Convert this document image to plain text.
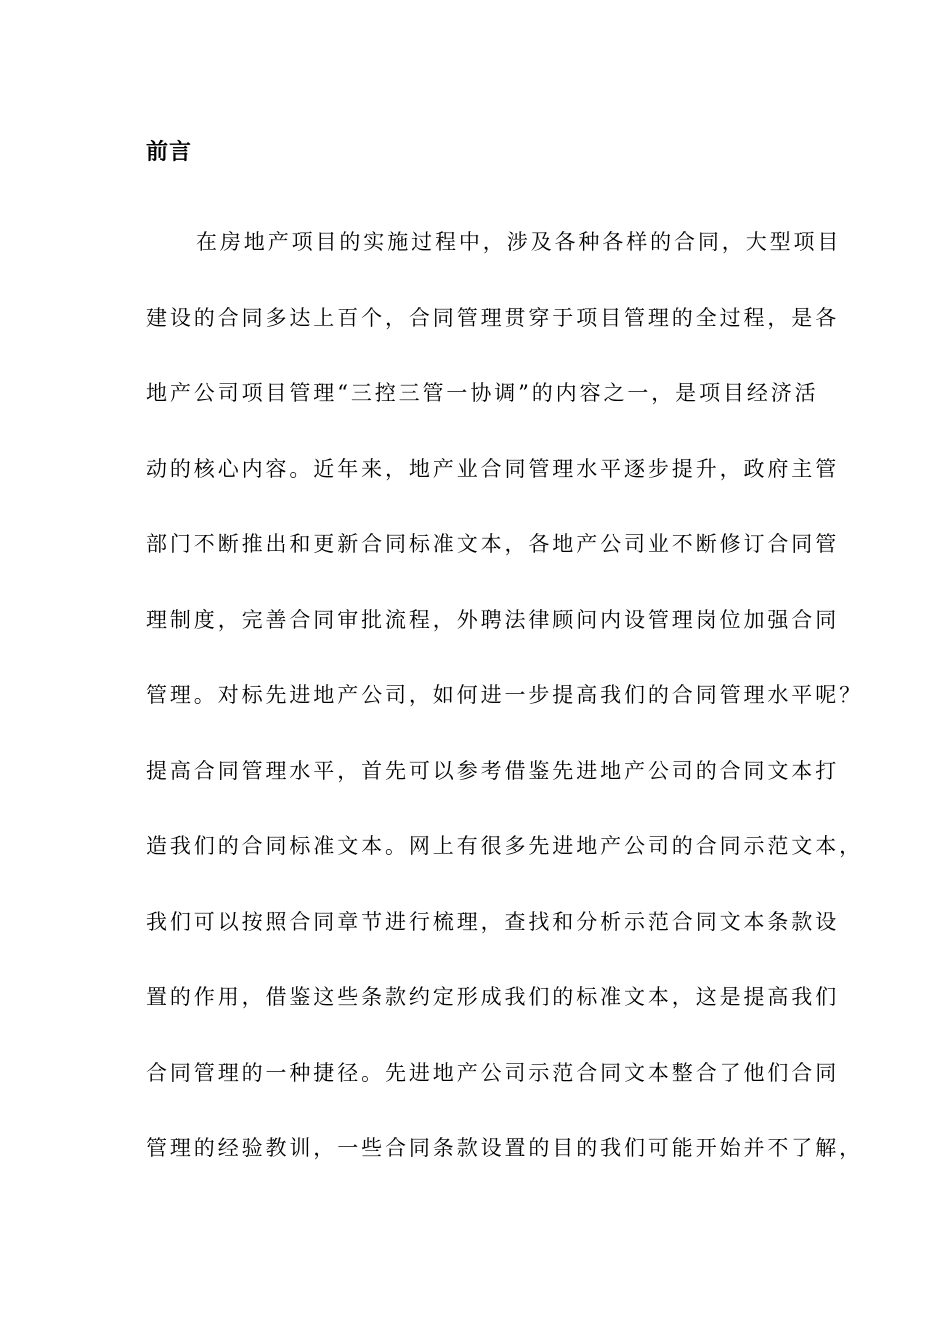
前言
在房地产项目的实施过程中，涉及各种各样的合同，大型项目
建设的合同多达上百个，合同管理贯穿于项目管理的全过程，是各
地产公司项目管理“三控三管一协调”的内容之一，是项目经济活
动的核心内容。近年来，地产业合同管理水平逐步提升，政府主管
部门不断推出和更新合同标准文本，各地产公司业不断修订合同管
理制度，完善合同审批流程，外聘法律顾问内设管理岗位加强合同
管理。对标先进地产公司，如何进一步提高我们的合同管理水平呢？
提高合同管理水平，首先可以参考借鉴先进地产公司的合同文本打
造我们的合同标准文本。网上有很多先进地产公司的合同示范文本，
我们可以按照合同章节进行梳理，查找和分析示范合同文本条款设
置的作用，借鉴这些条款约定形成我们的标准文本，这是提高我们
合同管理的一种捷径。先进地产公司示范合同文本整合了他们合同
管理的经验教训，一些合同条款设置的目的我们可能开始并不了解，
